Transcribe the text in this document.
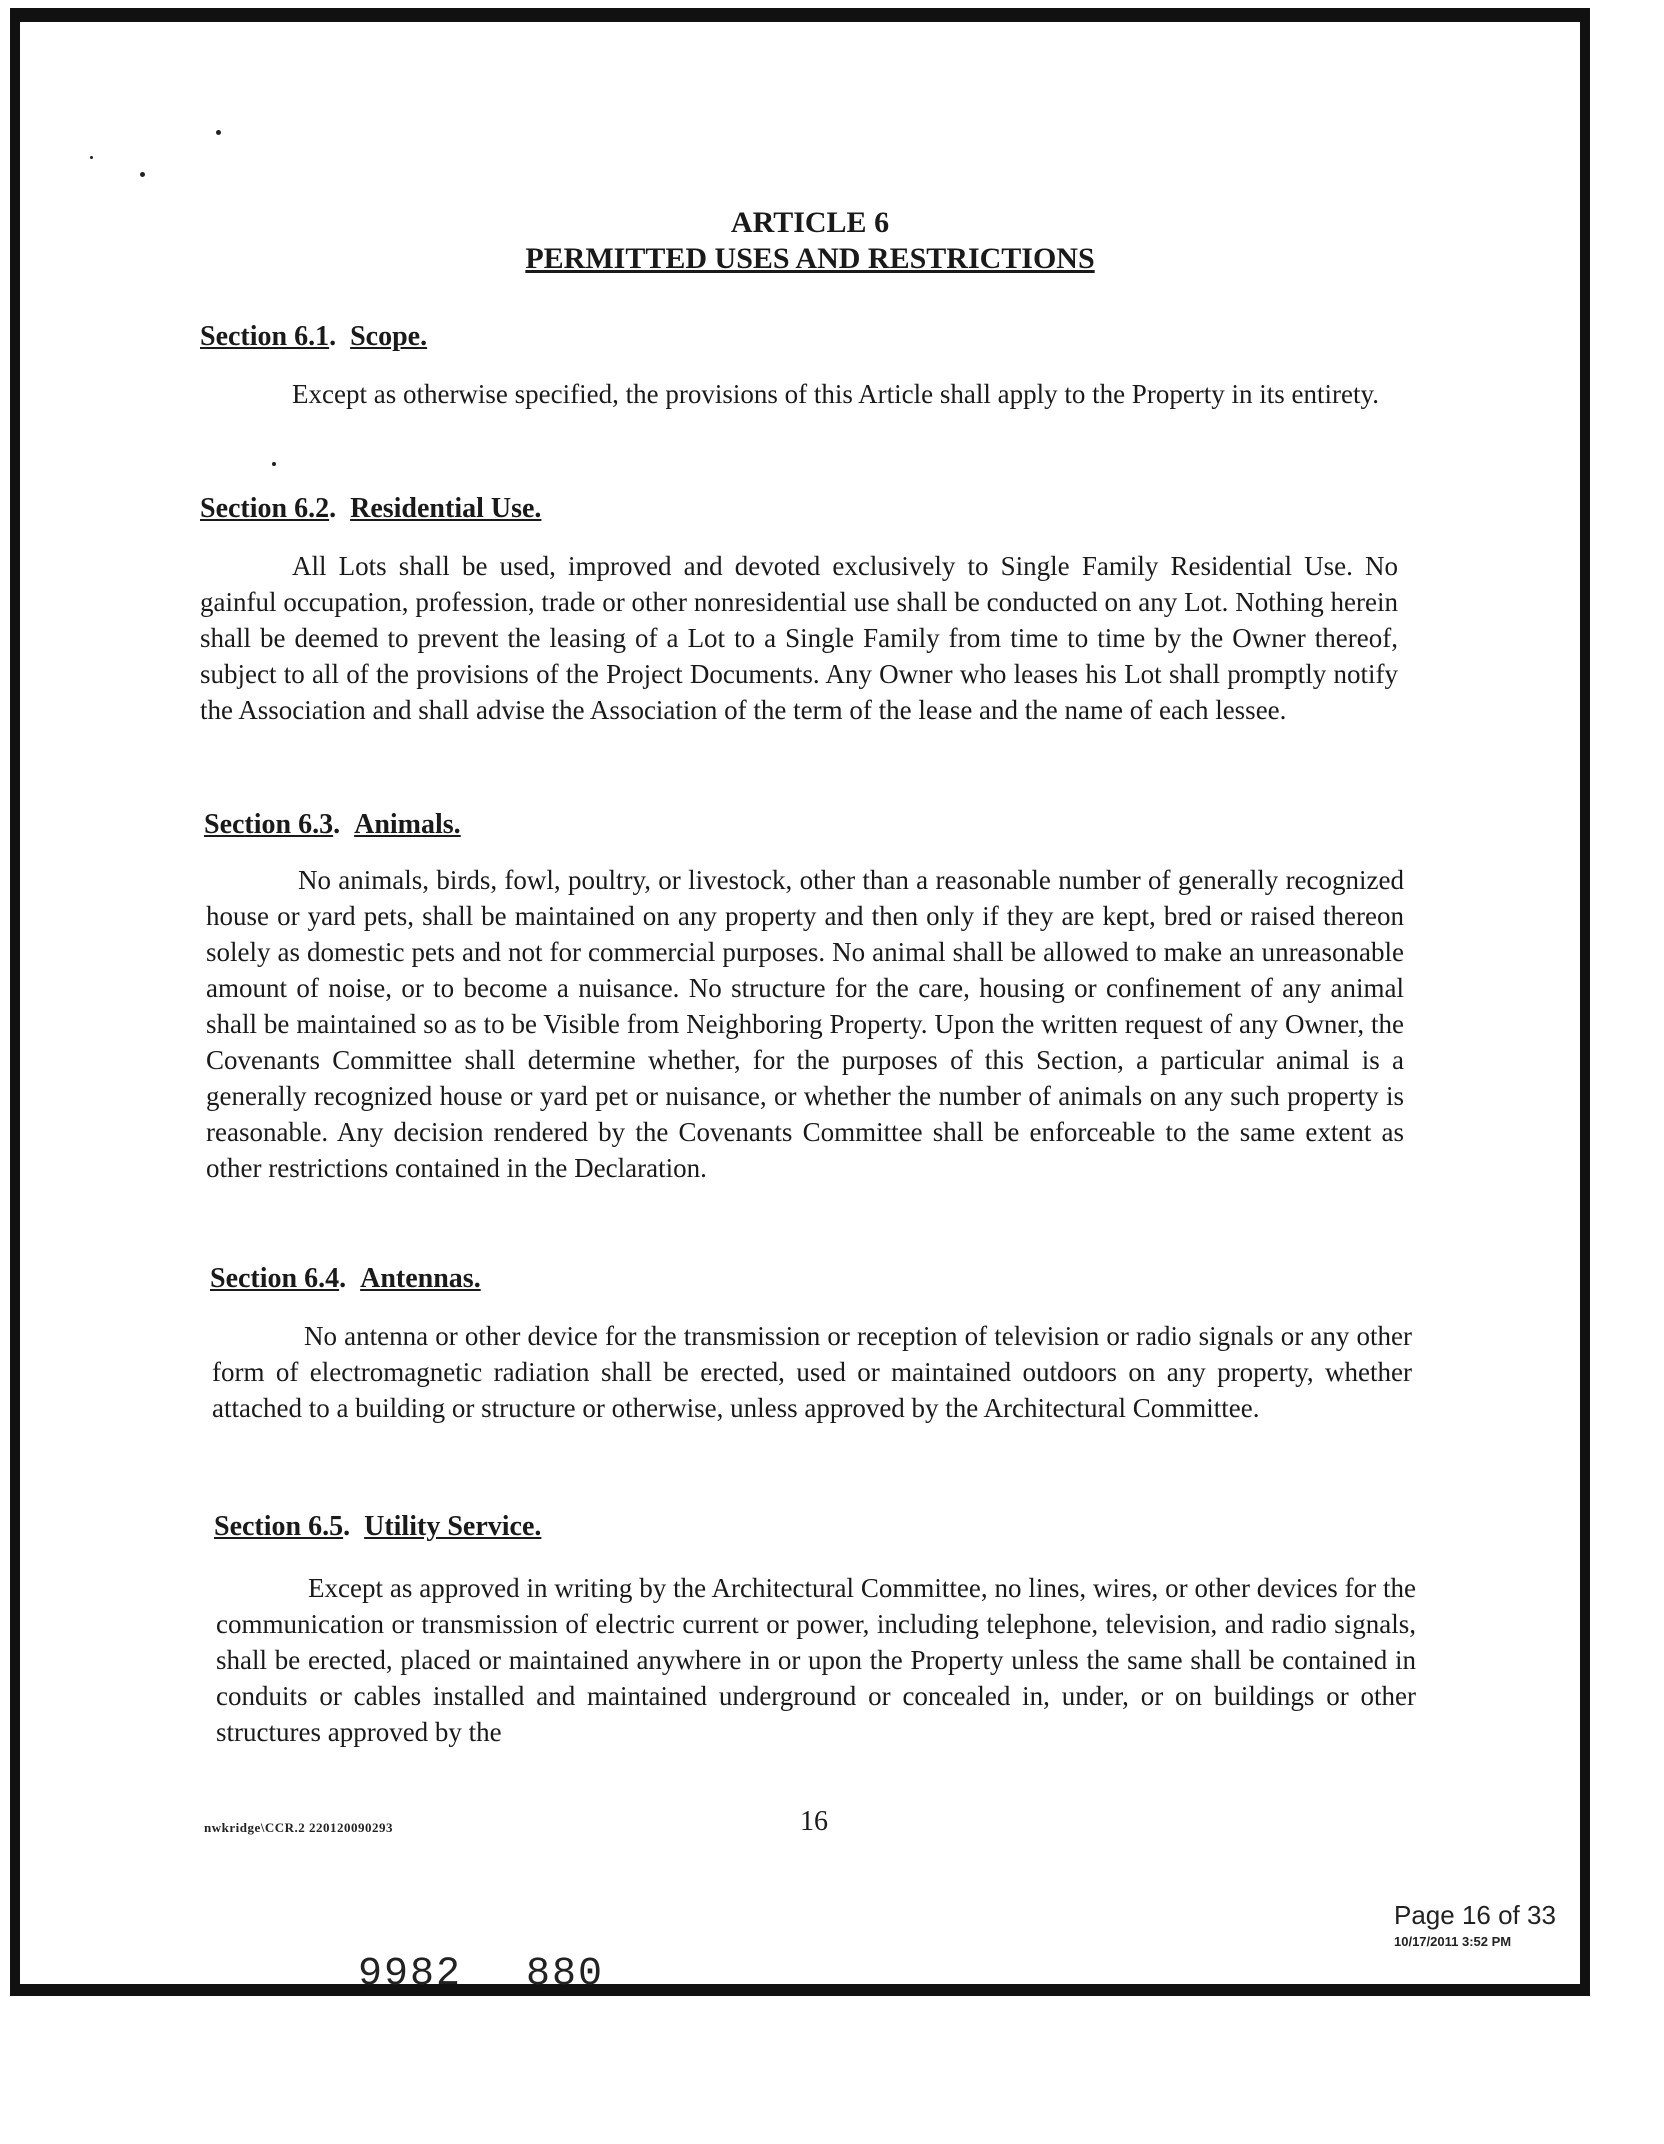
ARTICLE 6
PERMITTED USES AND RESTRICTIONS
Section 6.1. Scope.
Except as otherwise specified, the provisions of this Article shall apply to the Property in its entirety.
Section 6.2. Residential Use.
All Lots shall be used, improved and devoted exclusively to Single Family Residential Use. No gainful occupation, profession, trade or other nonresidential use shall be conducted on any Lot. Nothing herein shall be deemed to prevent the leasing of a Lot to a Single Family from time to time by the Owner thereof, subject to all of the provisions of the Project Documents. Any Owner who leases his Lot shall promptly notify the Association and shall advise the Association of the term of the lease and the name of each lessee.
Section 6.3. Animals.
No animals, birds, fowl, poultry, or livestock, other than a reasonable number of generally recognized house or yard pets, shall be maintained on any property and then only if they are kept, bred or raised thereon solely as domestic pets and not for commercial purposes. No animal shall be allowed to make an unreasonable amount of noise, or to become a nuisance. No structure for the care, housing or confinement of any animal shall be maintained so as to be Visible from Neighboring Property. Upon the written request of any Owner, the Covenants Committee shall determine whether, for the purposes of this Section, a particular animal is a generally recognized house or yard pet or nuisance, or whether the number of animals on any such property is reasonable. Any decision rendered by the Covenants Committee shall be enforceable to the same extent as other restrictions contained in the Declaration.
Section 6.4. Antennas.
No antenna or other device for the transmission or reception of television or radio signals or any other form of electromagnetic radiation shall be erected, used or maintained outdoors on any property, whether attached to a building or structure or otherwise, unless approved by the Architectural Committee.
Section 6.5. Utility Service.
Except as approved in writing by the Architectural Committee, no lines, wires, or other devices for the communication or transmission of electric current or power, including telephone, television, and radio signals, shall be erected, placed or maintained anywhere in or upon the Property unless the same shall be contained in conduits or cables installed and maintained underground or concealed in, under, or on buildings or other structures approved by the
nwkridge\CCR.2 220120090293	16
Page 16 of 33
10/17/2011 3:52 PM
9982 880
